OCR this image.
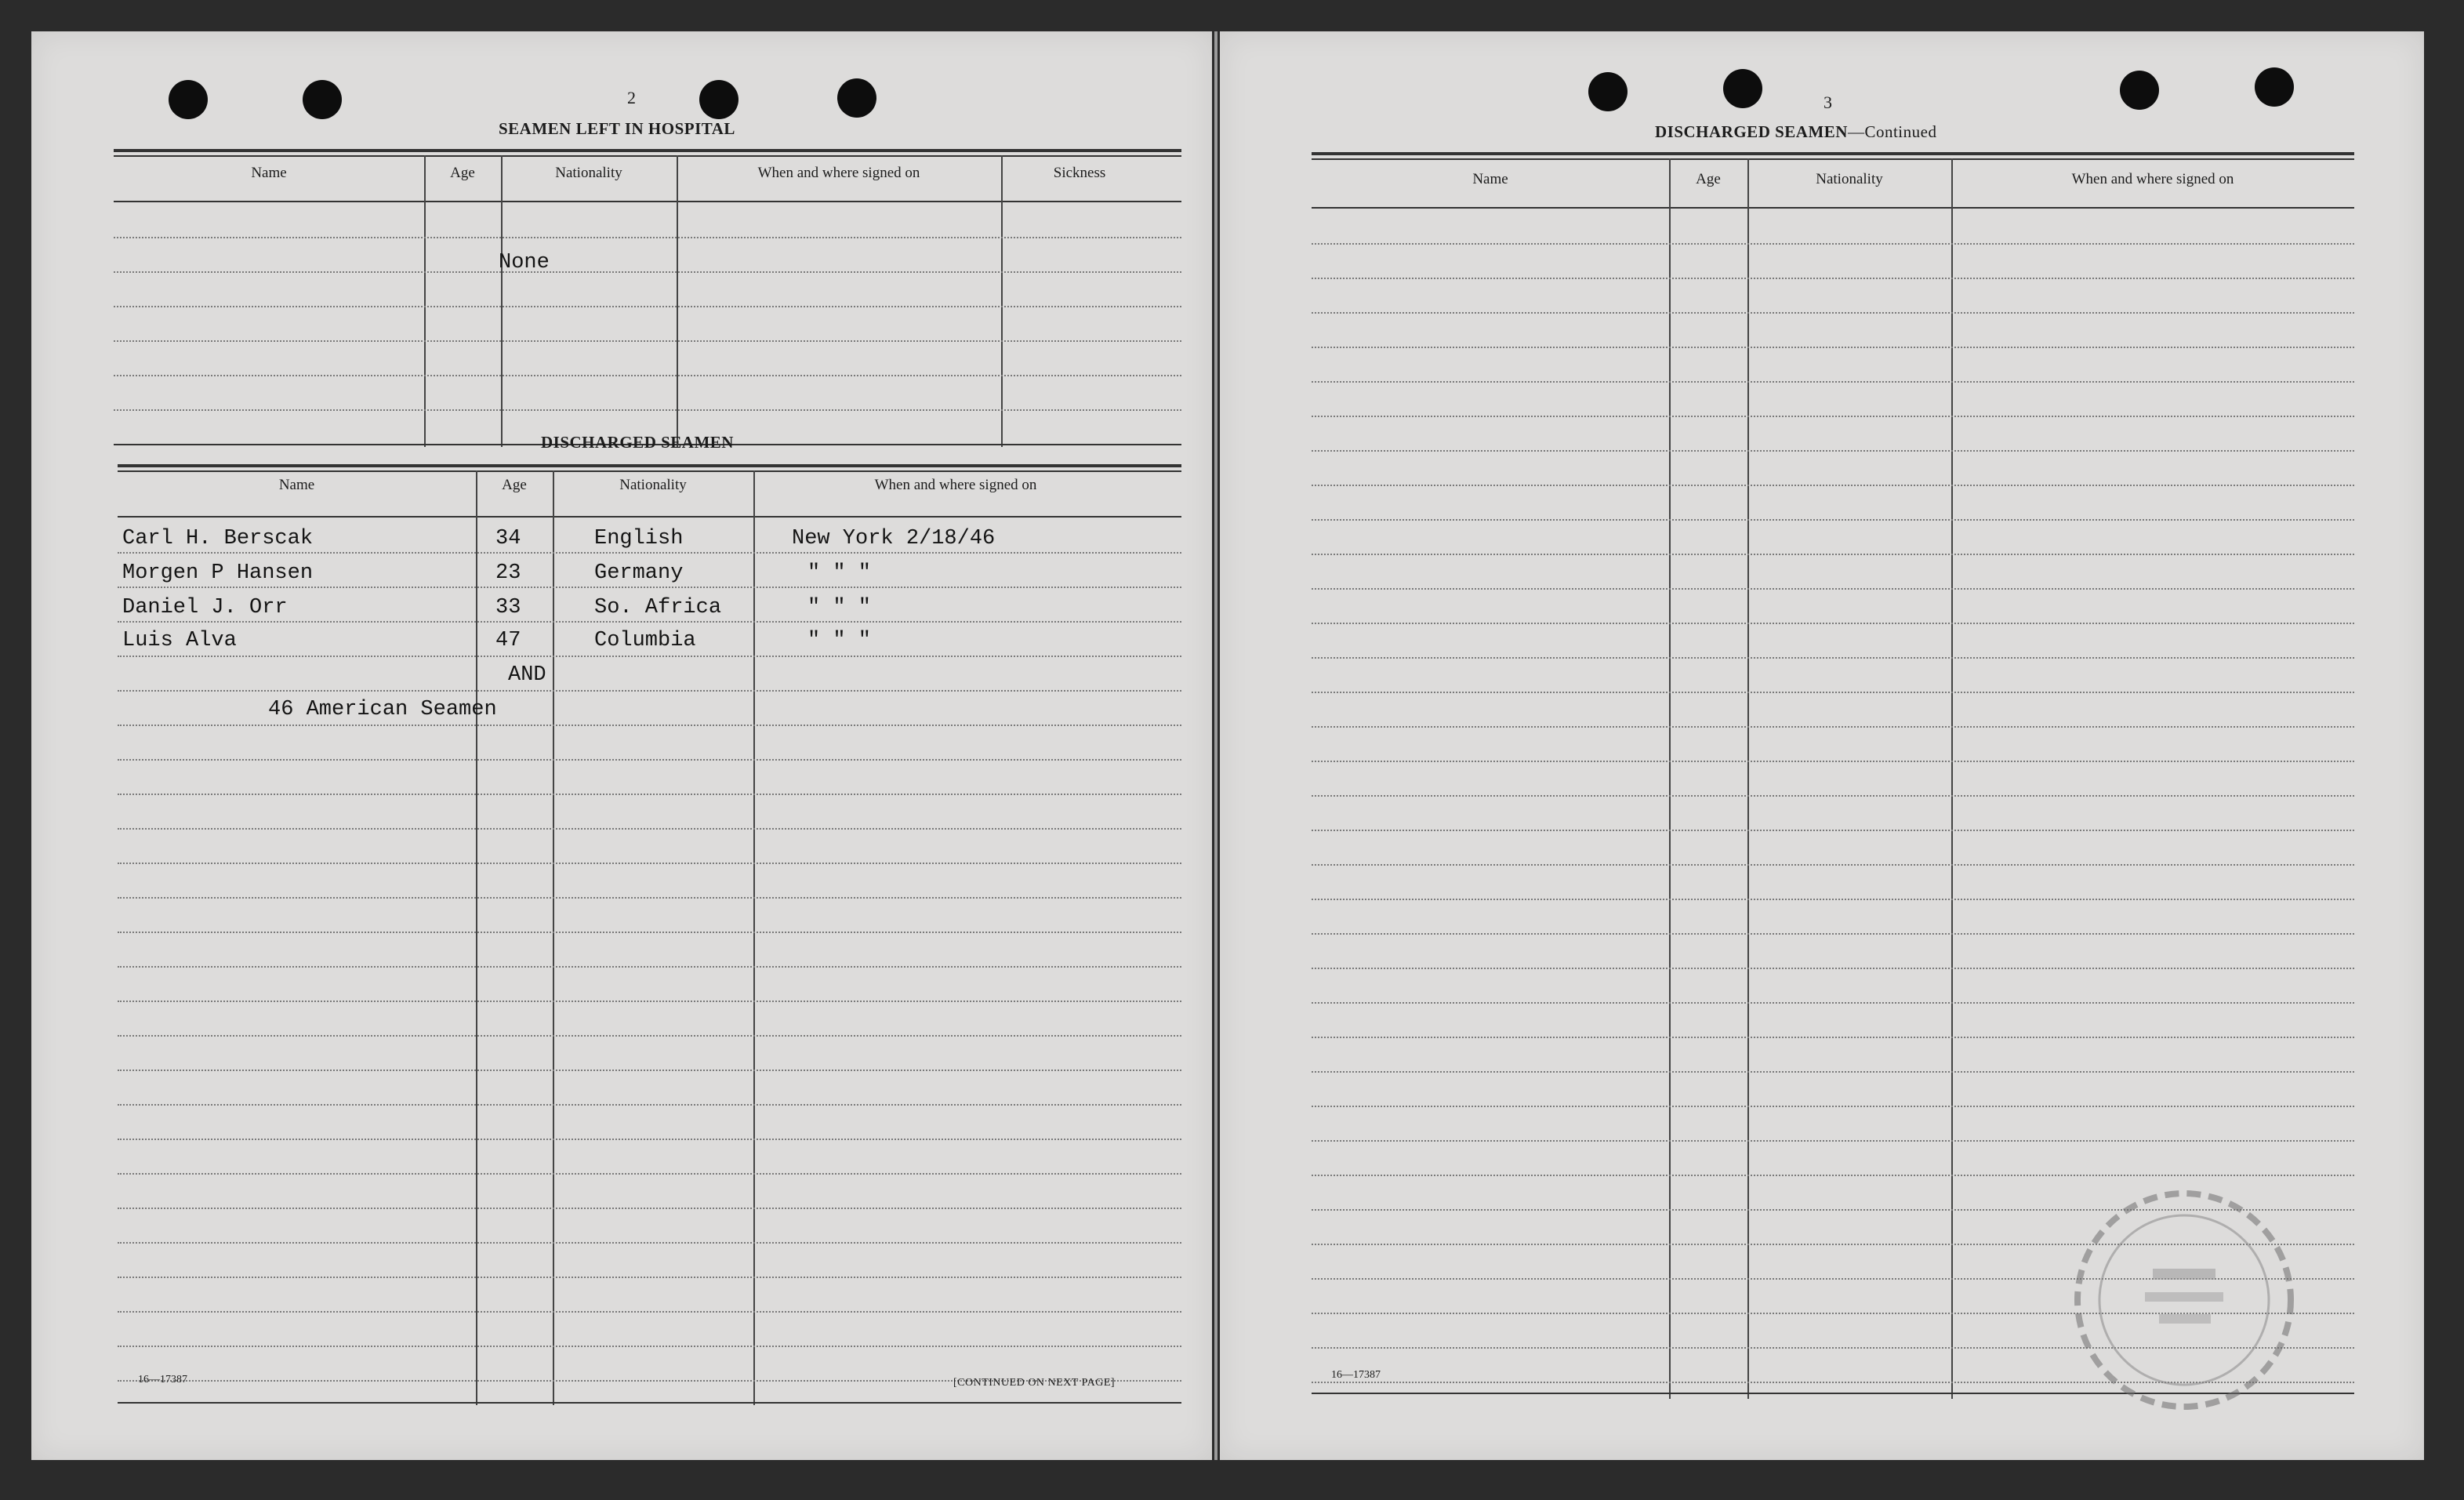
2
SEAMEN LEFT IN HOSPITAL
Name	Age	Nationality	When and where signed on	Sickness
None
DISCHARGED SEAMEN
Name	Age	Nationality	When and where signed on
Carl H. Berscak	34	English	New York 2/18/46
Morgen P Hansen	23	Germany	" " "
Daniel J. Orr	33	So. Africa	" " "
Luis Alva	47	Columbia	" " "
AND
46 American Seamen
16—17387	[CONTINUED ON NEXT PAGE]
3
DISCHARGED SEAMEN—Continued
Name	Age	Nationality	When and where signed on
16—17387
